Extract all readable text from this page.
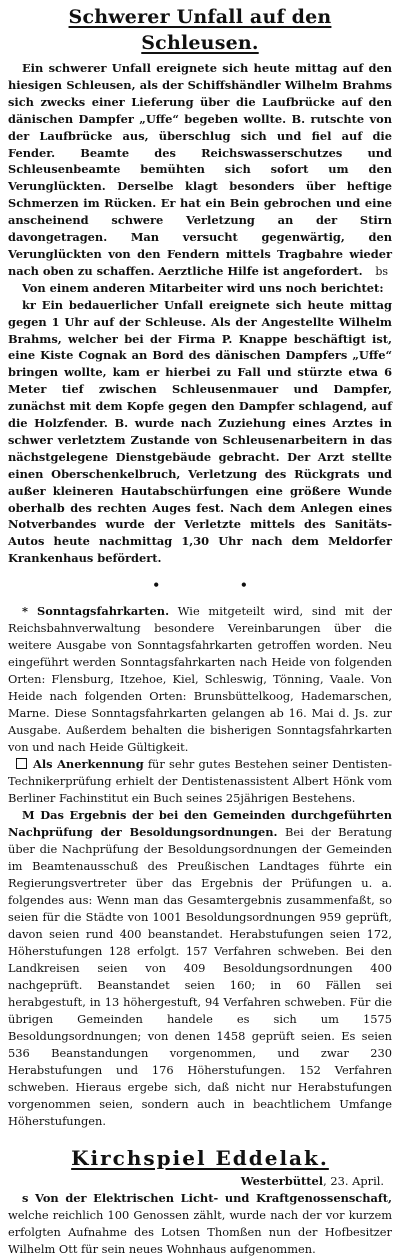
Schwerer Unfall auf den Schleusen.

Ein schwerer Unfall ereignete sich heute mittag auf den hiesigen Schleusen, als der Schiffshändler Wilhelm Brahms sich zwecks einer Lieferung über die Laufbrücke auf den dänischen Dampfer „Uffe“ begeben wollte. B. rutschte von der Laufbrücke aus, überschlug sich und fiel auf die Fender. Beamte des Reichswasserschutzes und Schleusenbeamte bemühten sich sofort um den Verunglückten. Derselbe klagt besonders über heftige Schmerzen im Rücken. Er hat ein Bein gebrochen und eine anscheinend schwere Verletzung an der Stirn davongetragen. Man versucht gegenwärtig, den Verunglückten von den Fendern mittels Tragbahre wieder nach oben zu schaffen. Aerztliche Hilfe ist angefordert.	bs

Von einem anderen Mitarbeiter wird uns noch berichtet:

kr Ein bedauerlicher Unfall ereignete sich heute mittag gegen 1 Uhr auf der Schleuse. Als der Angestellte Wilhelm Brahms, welcher bei der Firma P. Knappe beschäftigt ist, eine Kiste Cognak an Bord des dänischen Dampfers „Uffe“ bringen wollte, kam er hierbei zu Fall und stürzte etwa 6 Meter tief zwischen Schleusenmauer und Dampfer, zunächst mit dem Kopfe gegen den Dampfer schlagend, auf die Holzfender. B. wurde nach Zuziehung eines Arztes in schwer verletztem Zustande von Schleusenarbeitern in das nächstgelegene Dienstgebäude gebracht. Der Arzt stellte einen Oberschenkelbruch, Verletzung des Rückgrats und außer kleineren Hautabschürfungen eine größere Wunde oberhalb des rechten Auges fest. Nach dem Anlegen eines Notverbandes wurde der Verletzte mittels des Sanitäts-Autos heute nachmittag 1,30 Uhr nach dem Meldorfer Krankenhaus befördert.

•	•

* Sonntagsfahrkarten. Wie mitgeteilt wird, sind mit der Reichsbahnverwaltung besondere Vereinbarungen über die weitere Ausgabe von Sonntagsfahrkarten getroffen worden. Neu eingeführt werden Sonntagsfahrkarten nach Heide von folgenden Orten: Flensburg, Itzehoe, Kiel, Schleswig, Tönning, Vaale. Von Heide nach folgenden Orten: Brunsbüttelkoog, Hademarschen, Marne. Diese Sonntagsfahrkarten gelangen ab 16. Mai d. Js. zur Ausgabe. Außerdem behalten die bisherigen Sonntagsfahrkarten von und nach Heide Gültigkeit.

Als Anerkennung für sehr gutes Bestehen seiner Dentisten-Technikerprüfung erhielt der Dentistenassistent Albert Hönk vom Berliner Fachinstitut ein Buch seines 25jährigen Bestehens.

M Das Ergebnis der bei den Gemeinden durchgeführten Nachprüfung der Besoldungsordnungen. Bei der Beratung über die Nachprüfung der Besoldungsordnungen der Gemeinden im Beamtenausschuß des Preußischen Landtages führte ein Regierungsvertreter über das Ergebnis der Prüfungen u. a. folgendes aus: Wenn man das Gesamtergebnis zusammenfaßt, so seien für die Städte von 1001 Besoldungsordnungen 959 geprüft, davon seien rund 400 beanstandet. Herabstufungen seien 172, Höherstufungen 128 erfolgt. 157 Verfahren schweben. Bei den Landkreisen seien von 409 Besoldungsordnungen 400 nachgeprüft. Beanstandet seien 160; in 60 Fällen sei herabgestuft, in 13 höhergestuft, 94 Verfahren schweben. Für die übrigen Gemeinden handele es sich um 1575 Besoldungsordnungen; von denen 1458 geprüft seien. Es seien 536 Beanstandungen vorgenommen, und zwar 230 Herabstufungen und 176 Höherstufungen. 152 Verfahren schweben. Hieraus ergebe sich, daß nicht nur Herabstufungen vorgenommen seien, sondern auch in beachtlichem Umfange Höherstufungen.

Kirchspiel Eddelak.
Westerbüttel, 23. April.

s Von der Elektrischen Licht- und Kraftgenossenschaft, welche reichlich 100 Genossen zählt, wurde nach der vor kurzem erfolgten Aufnahme des Lotsen Thomßen nun der Hofbesitzer Wilhelm Ott für sein neues Wohnhaus aufgenommen.
